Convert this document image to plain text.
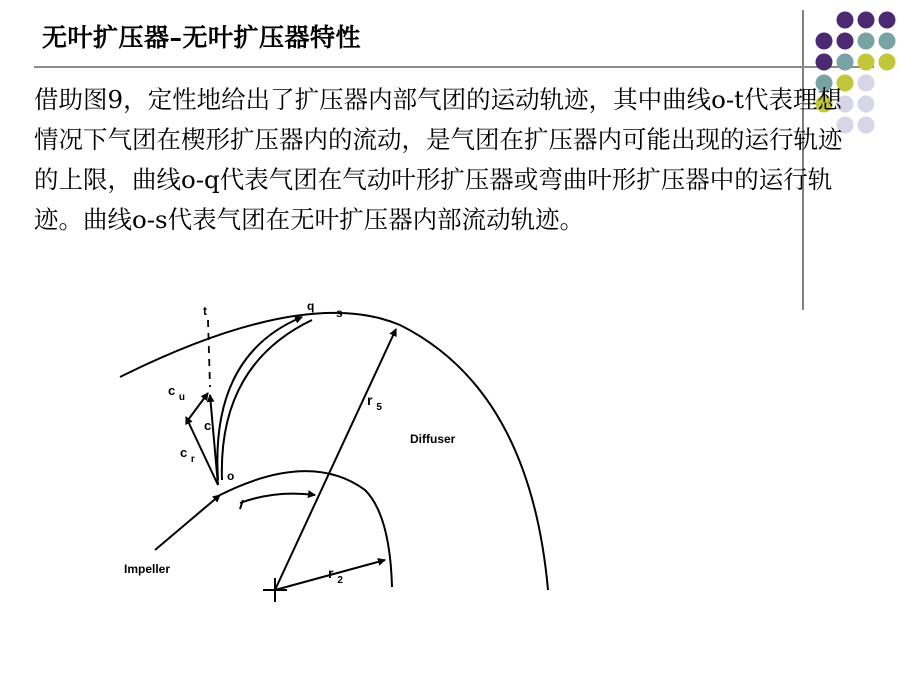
无叶扩压器–无叶扩压器特性
借助图9，定性地给出了扩压器内部气团的运动轨迹，其中曲线o-t代表理想情况下气团在楔形扩压器内的流动，是气团在扩压器内可能出现的运行轨迹的上限，曲线o-q代表气团在气动叶形扩压器或弯曲叶形扩压器中的运行轨迹。曲线o-s代表气团在无叶扩压器内部流动轨迹。
t	q s
c $_u$
c
c $_r$
o
r $_5$
r $_2$
Diffuser
Impeller
